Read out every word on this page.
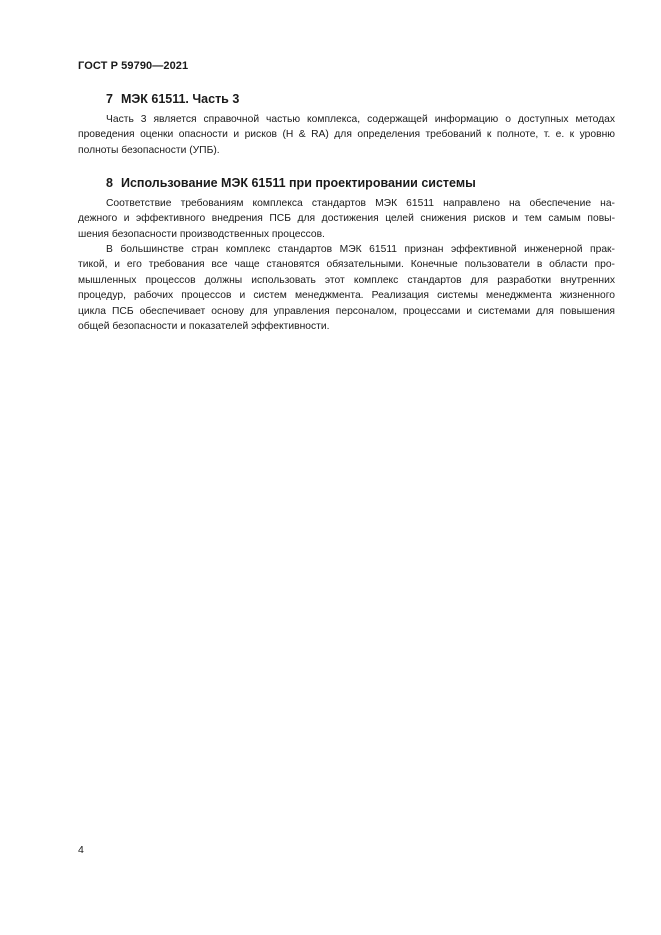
ГОСТ Р 59790—2021
7 МЭК 61511. Часть 3
Часть 3 является справочной частью комплекса, содержащей информацию о доступных методах
проведения оценки опасности и рисков (H & RA) для определения требований к полноте, т. е. к уровню
полноты безопасности (УПБ).
8 Использование МЭК 61511 при проектировании системы
Соответствие требованиям комплекса стандартов МЭК 61511 направлено на обеспечение на-
дежного и эффективного внедрения ПСБ для достижения целей снижения рисков и тем самым повы-
шения безопасности производственных процессов.
В большинстве стран комплекс стандартов МЭК 61511 признан эффективной инженерной прак-
тикой, и его требования все чаще становятся обязательными. Конечные пользователи в области про-
мышленных процессов должны использовать этот комплекс стандартов для разработки внутренних
процедур, рабочих процессов и систем менеджмента. Реализация системы менеджмента жизненного
цикла ПСБ обеспечивает основу для управления персоналом, процессами и системами для повышения
общей безопасности и показателей эффективности.
4
